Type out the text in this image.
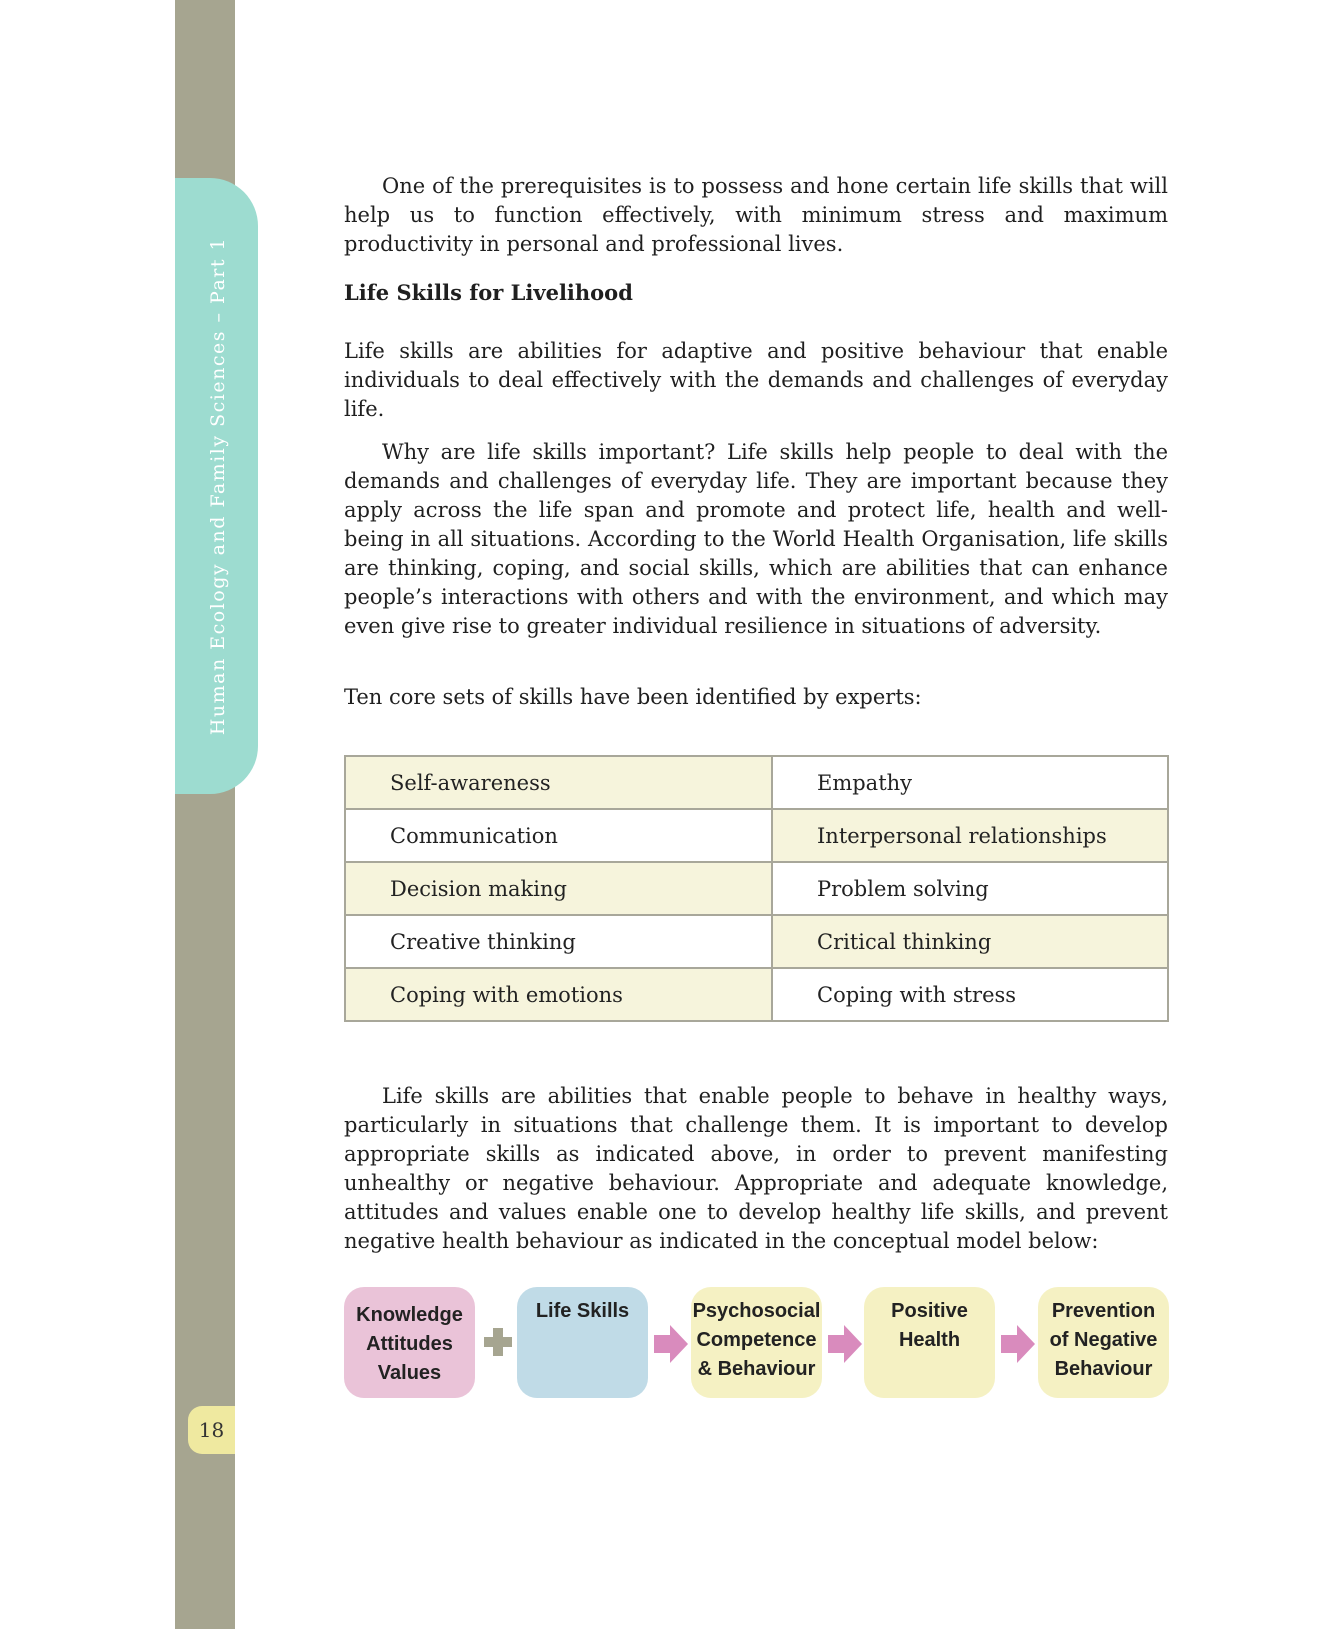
Human Ecology and Family Sciences – Part 1
18

One of the prerequisites is to possess and hone certain life skills that will help us to function effectively, with minimum stress and maximum productivity in personal and professional lives.

Life Skills for Livelihood

Life skills are abilities for adaptive and positive behaviour that enable individuals to deal effectively with the demands and challenges of everyday life.

Why are life skills important? Life skills help people to deal with the demands and challenges of everyday life. They are important because they apply across the life span and promote and protect life, health and well-being in all situations. According to the World Health Organisation, life skills are thinking, coping, and social skills, which are abilities that can enhance people’s interactions with others and with the environment, and which may even give rise to greater individual resilience in situations of adversity.

Ten core sets of skills have been identified by experts:

Self-awareness	Empathy
Communication	Interpersonal relationships
Decision making	Problem solving
Creative thinking	Critical thinking
Coping with emotions	Coping with stress

Life skills are abilities that enable people to behave in healthy ways, particularly in situations that challenge them. It is important to develop appropriate skills as indicated above, in order to prevent manifesting unhealthy or negative behaviour. Appropriate and adequate knowledge, attitudes and values enable one to develop healthy life skills, and prevent negative health behaviour as indicated in the conceptual model below:

Knowledge
Attitudes
Values
Life Skills	Psychosocial
Competence
& Behaviour
Positive
Health
Prevention
of Negative
Behaviour
